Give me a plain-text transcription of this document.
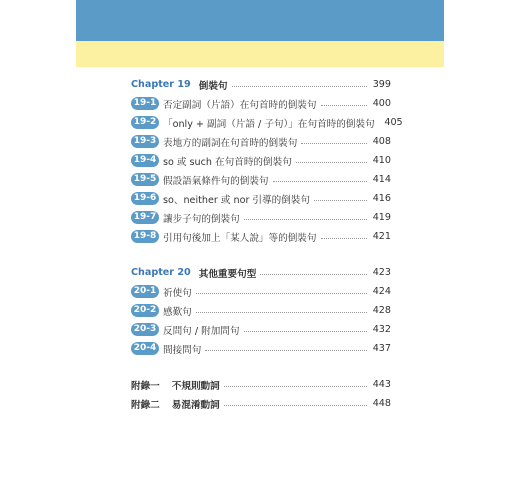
Chapter 19 倒裝句	399
19-1 否定副詞（片語）在句首時的倒裝句	400
19-2 「only + 副詞（片語 / 子句）」在句首時的倒裝句 405
19-3 表地方的副詞在句首時的倒裝句	408
19-4 so 或 such 在句首時的倒裝句	410
19-5 假設語氣條件句的倒裝句	414
19-6 so、neither 或 nor 引導的倒裝句	416
19-7 讓步子句的倒裝句	419
19-8 引用句後加上「某人說」等的倒裝句	421
Chapter 20 其他重要句型	423
20-1 祈使句	424
20-2 感歎句	428
20-3 反問句 / 附加問句	432
20-4 間接問句	437
附錄一 不規則動詞	443
附錄二 易混淆動詞	448
